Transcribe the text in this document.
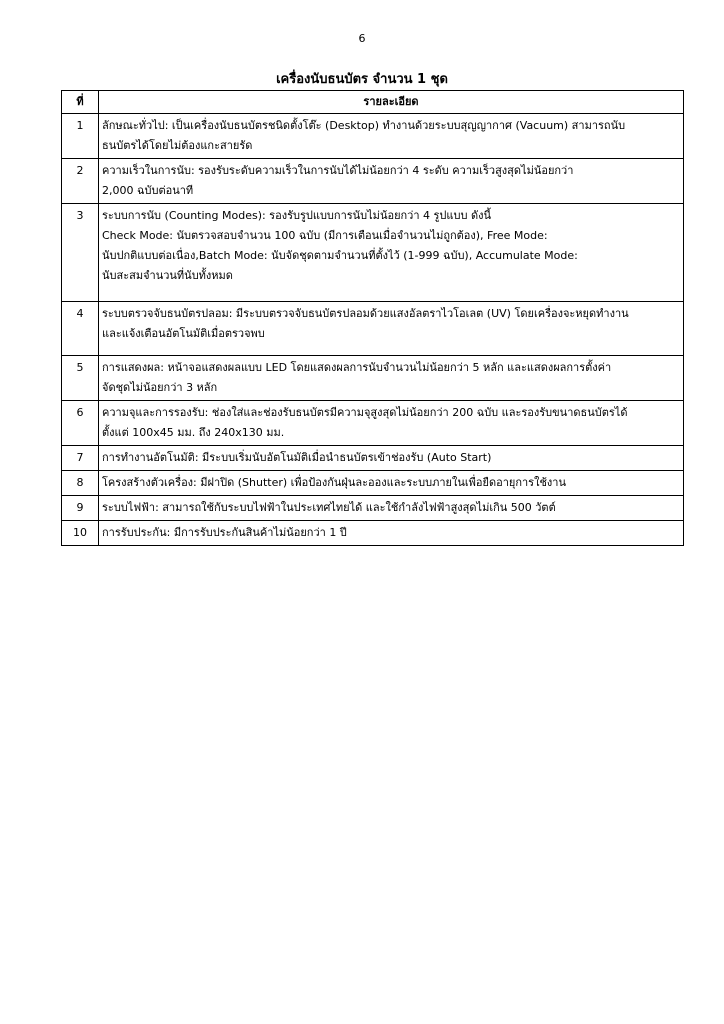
6
เครื่องนับธนบัตร จำนวน 1 ชุด
ที่	รายละเอียด
1	ลักษณะทั่วไป: เป็นเครื่องนับธนบัตรชนิดตั้งโต๊ะ (Desktop) ทำงานด้วยระบบสุญญากาศ (Vacuum) สามารถนับ
ธนบัตรได้โดยไม่ต้องแกะสายรัด

2	ความเร็วในการนับ: รองรับระดับความเร็วในการนับได้ไม่น้อยกว่า 4 ระดับ ความเร็วสูงสุดไม่น้อยกว่า
2,000 ฉบับต่อนาที

3	ระบบการนับ (Counting Modes): รองรับรูปแบบการนับไม่น้อยกว่า 4 รูปแบบ ดังนี้
Check Mode: นับตรวจสอบจำนวน 100 ฉบับ (มีการเตือนเมื่อจำนวนไม่ถูกต้อง), Free Mode:
นับปกติแบบต่อเนื่อง,Batch Mode: นับจัดชุดตามจำนวนที่ตั้งไว้ (1-999 ฉบับ), Accumulate Mode:
นับสะสมจำนวนที่นับทั้งหมด

4	ระบบตรวจจับธนบัตรปลอม: มีระบบตรวจจับธนบัตรปลอมด้วยแสงอัลตราไวโอเลต (UV) โดยเครื่องจะหยุดทำงาน
และแจ้งเตือนอัตโนมัติเมื่อตรวจพบ

5	การแสดงผล: หน้าจอแสดงผลแบบ LED โดยแสดงผลการนับจำนวนไม่น้อยกว่า 5 หลัก และแสดงผลการตั้งค่า
จัดชุดไม่น้อยกว่า 3 หลัก

6	ความจุและการรองรับ: ช่องใส่และช่องรับธนบัตรมีความจุสูงสุดไม่น้อยกว่า 200 ฉบับ และรองรับขนาดธนบัตรได้
ตั้งแต่ 100x45 มม. ถึง 240x130 มม.

7	การทำงานอัตโนมัติ: มีระบบเริ่มนับอัตโนมัติเมื่อนำธนบัตรเข้าช่องรับ (Auto Start)

8	โครงสร้างตัวเครื่อง: มีฝาปิด (Shutter) เพื่อป้องกันฝุ่นละอองและระบบภายในเพื่อยืดอายุการใช้งาน

9	ระบบไฟฟ้า: สามารถใช้กับระบบไฟฟ้าในประเทศไทยได้ และใช้กำลังไฟฟ้าสูงสุดไม่เกิน 500 วัตต์

10	การรับประกัน: มีการรับประกันสินค้าไม่น้อยกว่า 1 ปี
